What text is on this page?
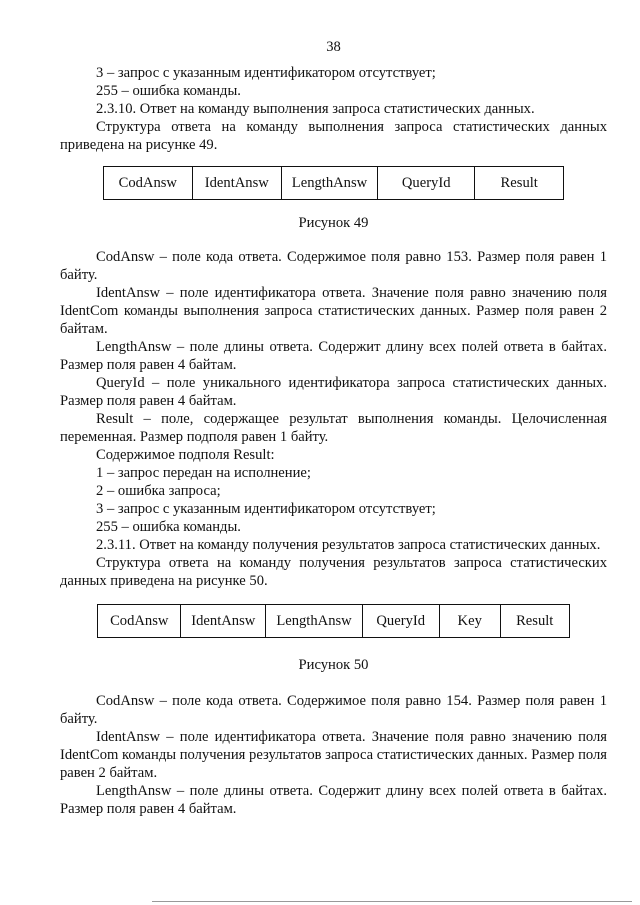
38

3 – запрос с указанным идентификатором отсутствует;

255 – ошибка команды.

2.3.10. Ответ на команду выполнения запроса статистических данных.

Структура ответа на команду выполнения запроса статистических данных приведена на рисунке 49.

CodAnsw	IdentAnsw	LengthAnsw	QueryId	Result
Рисунок 49

CodAnsw – поле кода ответа. Содержимое поля равно 153. Размер поля равен 1 байту.

IdentAnsw – поле идентификатора ответа. Значение поля равно значению поля IdentCom команды выполнения запроса статистических данных. Размер поля равен 2 байтам.

LengthAnsw – поле длины ответа. Содержит длину всех полей ответа в байтах. Размер поля равен 4 байтам.

QueryId – поле уникального идентификатора запроса статистических данных. Размер поля равен 4 байтам.

Result – поле, содержащее результат выполнения команды. Целочисленная переменная. Размер подполя равен 1 байту.

Содержимое подполя Result:

1 – запрос передан на исполнение;

2 – ошибка запроса;

3 – запрос с указанным идентификатором отсутствует;

255 – ошибка команды.

2.3.11. Ответ на команду получения результатов запроса статистических данных.

Структура ответа на команду получения результатов запроса статистических данных приведена на рисунке 50.

CodAnsw	IdentAnsw	LengthAnsw	QueryId	Key	Result
Рисунок 50

CodAnsw – поле кода ответа. Содержимое поля равно 154. Размер поля равен 1 байту.

IdentAnsw – поле идентификатора ответа. Значение поля равно значению поля IdentCom команды получения результатов запроса статистических данных. Размер поля равен 2 байтам.

LengthAnsw – поле длины ответа. Содержит длину всех полей ответа в байтах. Размер поля равен 4 байтам.
